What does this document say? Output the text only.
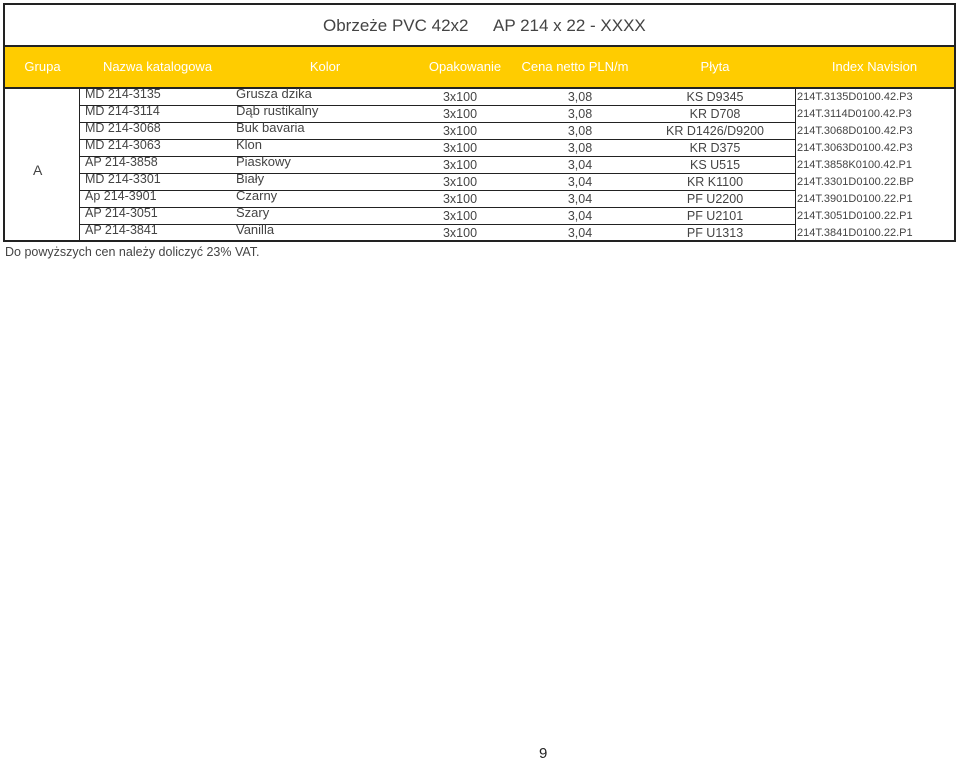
Obrzeże PVC 42x2 AP 214 x 22 - XXXX
Grupa	Nazwa katalogowa	Kolor	Opakowanie	Cena netto PLN/m	Płyta	Index Navision
A
MD 214-3135	Grusza dzika	3x100	3,08	KS D9345	214T.3135D0100.42.P3
MD 214-3114	Dąb rustikalny	3x100	3,08	KR D708	214T.3114D0100.42.P3
MD 214-3068	Buk bavaria	3x100	3,08	KR D1426/D9200	214T.3068D0100.42.P3
MD 214-3063	Klon	3x100	3,08	KR D375	214T.3063D0100.42.P3
AP 214-3858	Piaskowy	3x100	3,04	KS U515	214T.3858K0100.42.P1
MD 214-3301	Biały	3x100	3,04	KR K1100	214T.3301D0100.22.BP
Ap 214-3901	Czarny	3x100	3,04	PF U2200	214T.3901D0100.22.P1
AP 214-3051	Szary	3x100	3,04	PF U2101	214T.3051D0100.22.P1
AP 214-3841	Vanilla	3x100	3,04	PF U1313	214T.3841D0100.22.P1
Do powyższych cen należy doliczyć 23% VAT.
9
